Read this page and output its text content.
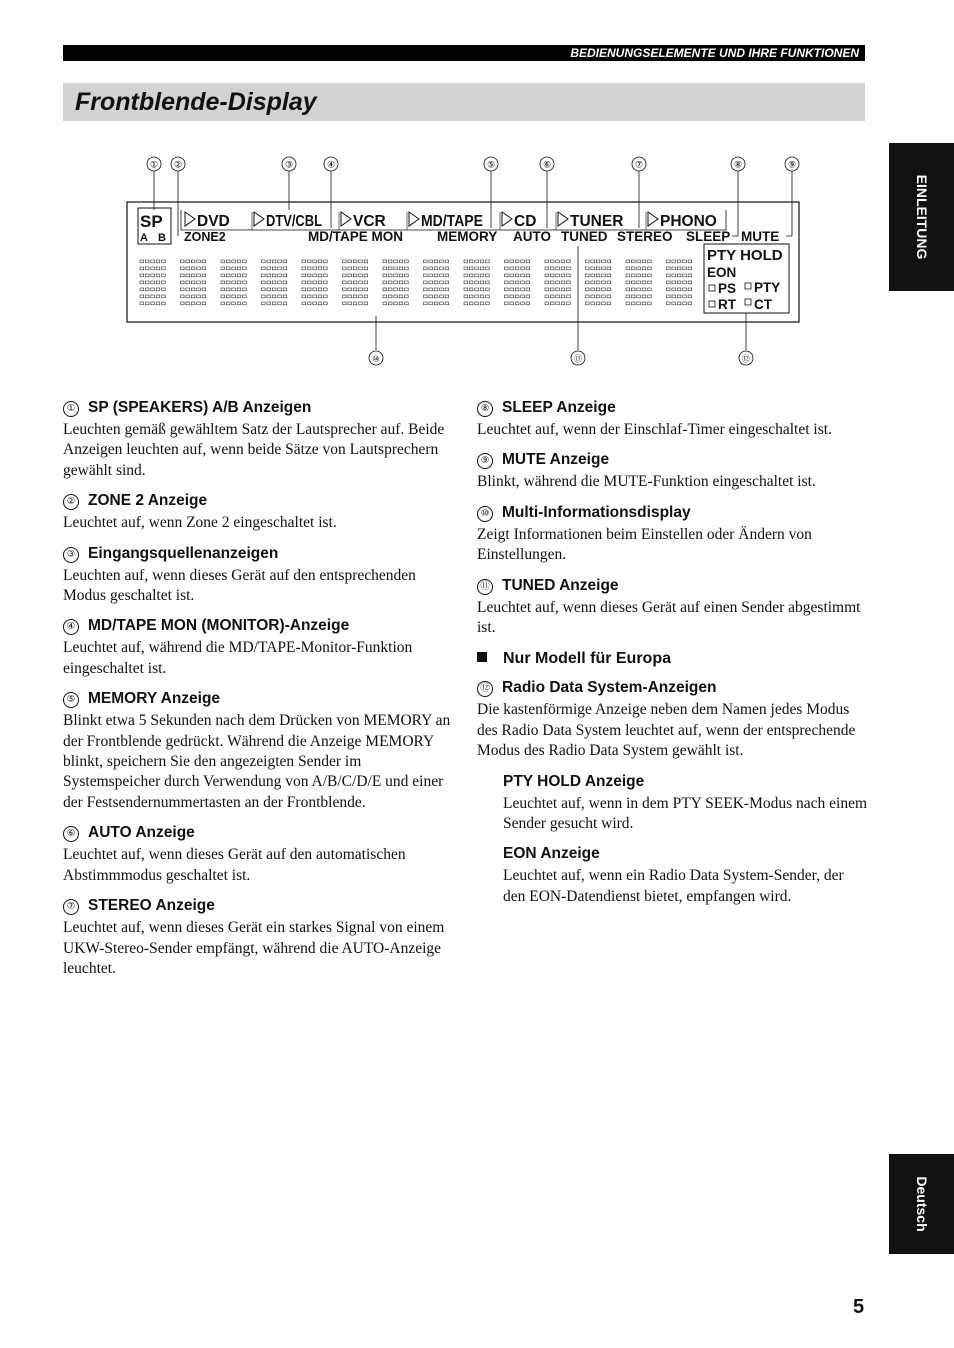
BEDIENUNGSELEMENTE UND IHRE FUNKTIONEN
Frontblende-Display
EINLEITUNG
Deutsch
① ②	③	④	⑤	⑥	⑦	⑧	⑨
SP
A B ZONE2
DVD DTV/CBL VCR MD/TAPE CD TUNER PHONO
MD/TAPE MON	MEMORY AUTO TUNED STEREO SLEEP MUTE
PTY HOLD
EON
PS PTY
RT CT
⑩	⑪	⑫
① SP (SPEAKERS) A/B Anzeigen
Leuchten gemäß gewähltem Satz der Lautsprecher auf. Beide Anzeigen leuchten auf, wenn beide Sätze von Lautsprechern gewählt sind.
② ZONE 2 Anzeige
Leuchtet auf, wenn Zone 2 eingeschaltet ist.
③ Eingangsquellenanzeigen
Leuchten auf, wenn dieses Gerät auf den entsprechenden Modus geschaltet ist.
④ MD/TAPE MON (MONITOR)-Anzeige
Leuchtet auf, während die MD/TAPE-Monitor-Funktion eingeschaltet ist.
⑤ MEMORY Anzeige
Blinkt etwa 5 Sekunden nach dem Drücken von MEMORY an der Frontblende gedrückt. Während die Anzeige MEMORY blinkt, speichern Sie den angezeigten Sender im Systemspeicher durch Verwendung von A/B/C/D/E und einer der Festsendernummertasten an der Frontblende.
⑥ AUTO Anzeige
Leuchtet auf, wenn dieses Gerät auf den automatischen Abstimmmodus geschaltet ist.
⑦ STEREO Anzeige
Leuchtet auf, wenn dieses Gerät ein starkes Signal von einem UKW-Stereo-Sender empfängt, während die AUTO-Anzeige leuchtet.
⑧ SLEEP Anzeige
Leuchtet auf, wenn der Einschlaf-Timer eingeschaltet ist.
⑨ MUTE Anzeige
Blinkt, während die MUTE-Funktion eingeschaltet ist.
⑩ Multi-Informationsdisplay
Zeigt Informationen beim Einstellen oder Ändern von Einstellungen.
⑪ TUNED Anzeige
Leuchtet auf, wenn dieses Gerät auf einen Sender abgestimmt ist.
Nur Modell für Europa
⑫ Radio Data System-Anzeigen
Die kastenförmige Anzeige neben dem Namen jedes Modus des Radio Data System leuchtet auf, wenn der entsprechende Modus des Radio Data System gewählt ist.
PTY HOLD Anzeige
Leuchtet auf, wenn in dem PTY SEEK-Modus nach einem Sender gesucht wird.
EON Anzeige
Leuchtet auf, wenn ein Radio Data System-Sender, der den EON-Datendienst bietet, empfangen wird.
5
